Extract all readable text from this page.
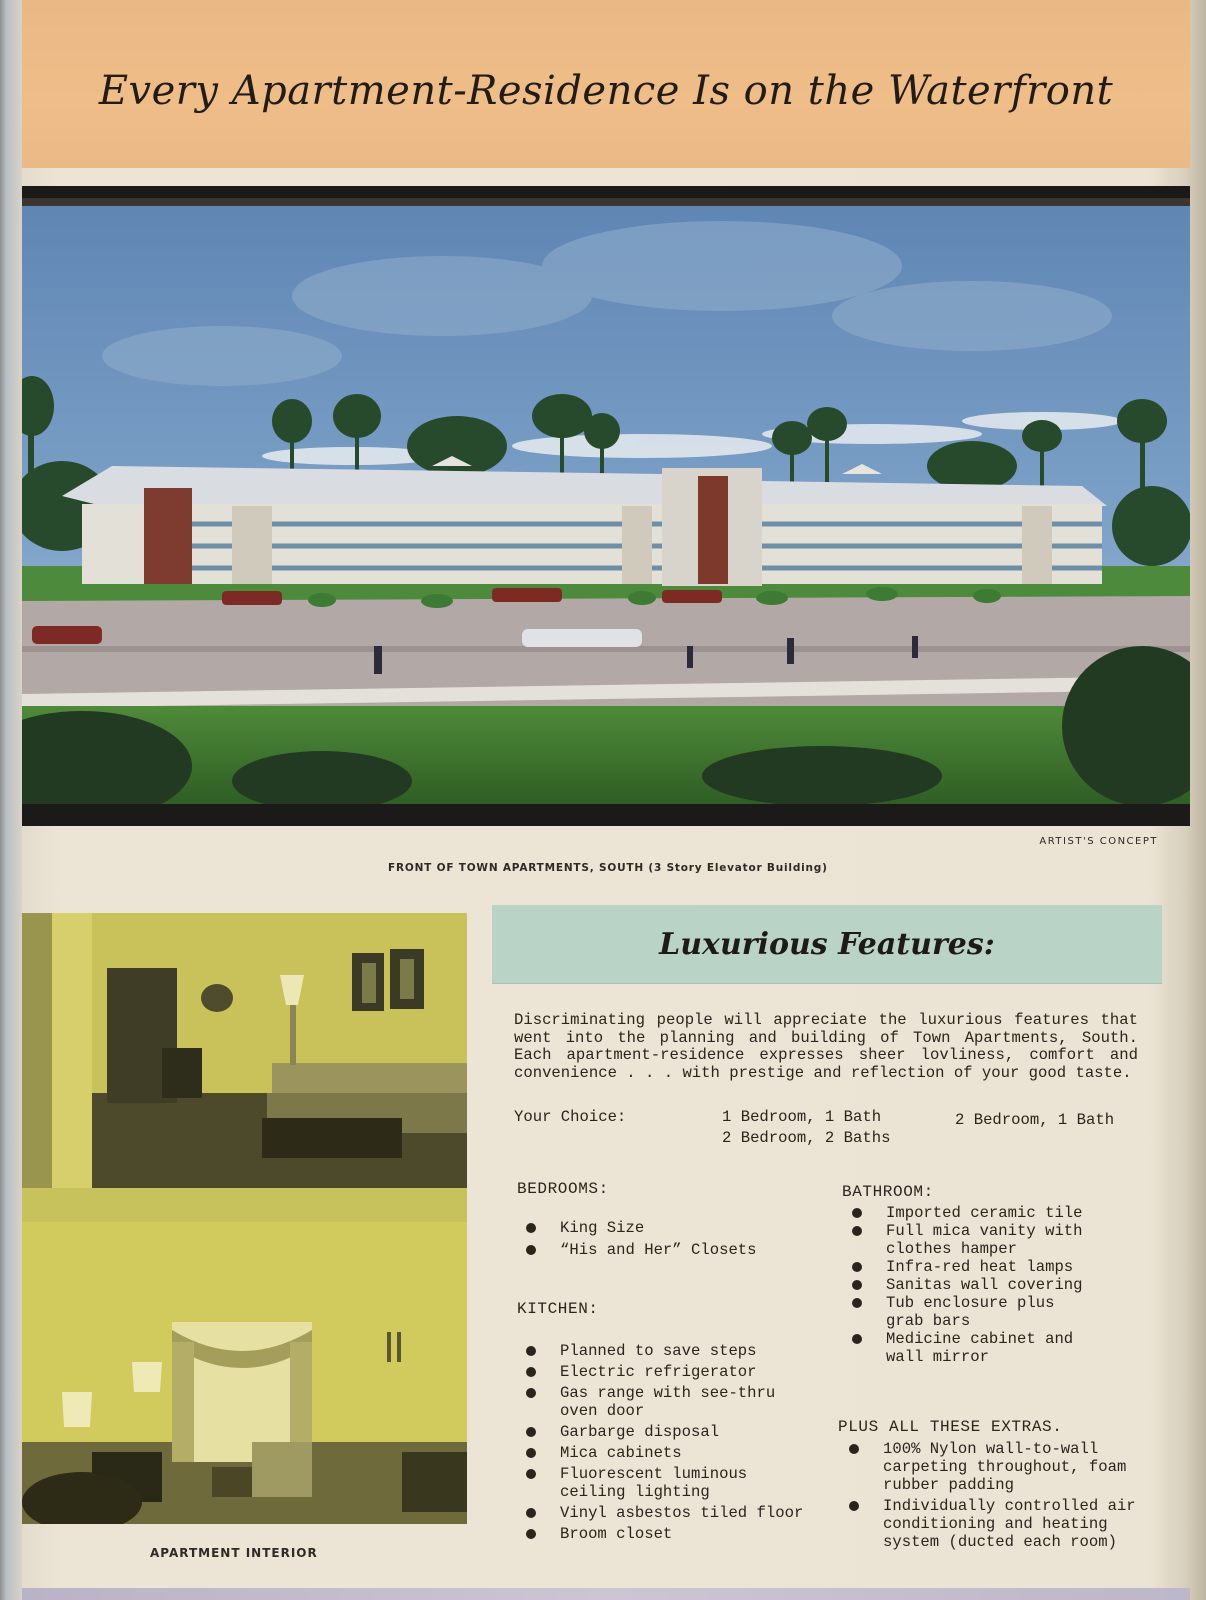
Every Apartment-Residence Is on the Waterfront
ARTIST'S CONCEPT
FRONT OF TOWN APARTMENTS, SOUTH (3 Story Elevator Building)
APARTMENT INTERIOR
Luxurious Features:
Discriminating people will appreciate the luxurious features that went into the planning and building of Town Apartments, South. Each apartment-residence expresses sheer lovliness, comfort and convenience . . . with prestige and reflection of your good taste.
Your Choice:	1 Bedroom, 1 Bath
2 Bedroom, 2 Baths
2 Bedroom, 1 Bath
BEDROOMS:
King Size
“His and Her” Closets
KITCHEN:
Planned to save steps
Electric refrigerator
Gas range with see-thru
oven door
Garbarge disposal
Mica cabinets
Fluorescent luminous
ceiling lighting
Vinyl asbestos tiled floor
Broom closet
BATHROOM:
Imported ceramic tile
Full mica vanity with
clothes hamper
Infra-red heat lamps
Sanitas wall covering
Tub enclosure plus
grab bars
Medicine cabinet and
wall mirror
PLUS ALL THESE EXTRAS.
100% Nylon wall-to-wall
carpeting throughout, foam
rubber padding
Individually controlled air
conditioning and heating
system (ducted each room)
